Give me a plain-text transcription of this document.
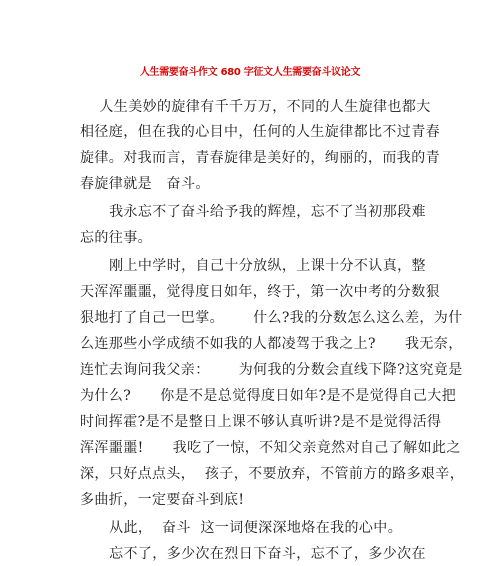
人生需要奋斗作文 680 字征文人生需要奋斗议论文
人生美妙的旋律有千千万万，不同的人生旋律也都大
相径庭，但在我的心目中，任何的人生旋律都比不过青春
旋律。对我而言，青春旋律是美好的，绚丽的，而我的青
春旋律就是   奋斗。
我永忘不了奋斗给予我的辉煌，忘不了当初那段难
忘的往事。
刚上中学时，自己十分放纵，上课十分不认真，整
天浑浑噩噩，觉得度日如年，终于，第一次中考的分数狠
狠地打了自己一巴掌。      什么?我的分数怎么这么差，为什
么连那些小学成绩不如我的人都凌驾于我之上?      我无奈，
连忙去询问我父亲：      为何我的分数会直线下降?这究竟是
为什么?      你是不是总觉得度日如年?是不是觉得自己大把
时间挥霍?是不是整日上课不够认真听讲?是不是觉得活得
浑浑噩噩!      我吃了一惊，不知父亲竟然对自己了解如此之
深，只好点点头，  孩子，不要放弃，不管前方的路多艰辛，
多曲折，一定要奋斗到底!
从此，  奋斗  这一词便深深地烙在我的心中。
忘不了，多少次在烈日下奋斗，忘不了，多少次在
